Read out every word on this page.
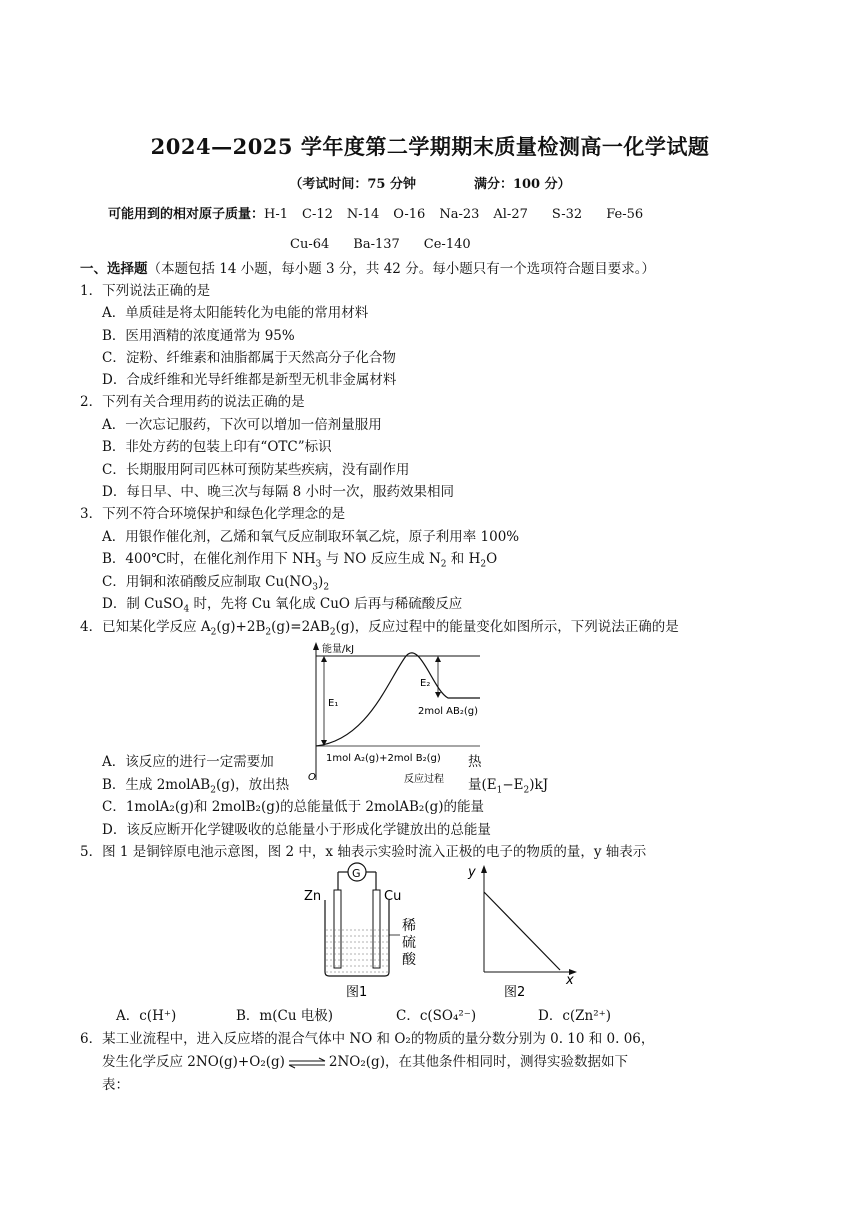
2024—2025 学年度第二学期期末质量检测高一化学试题
（考试时间：75 分钟	满分：100 分）
可能用到的相对原子质量：H-1 C-12 N-14 O-16 Na-23 Al-27 S-32 Fe-56
Cu-64 Ba-137 Ce-140
一、选择题（本题包括 14 小题，每小题 3 分，共 42 分。每小题只有一个选项符合题目要求。）
1．下列说法正确的是
A．单质硅是将太阳能转化为电能的常用材料
B．医用酒精的浓度通常为 95%
C．淀粉、纤维素和油脂都属于天然高分子化合物
D．合成纤维和光导纤维都是新型无机非金属材料
2．下列有关合理用药的说法正确的是
A．一次忘记服药，下次可以增加一倍剂量服用
B．非处方药的包装上印有“OTC”标识
C．长期服用阿司匹林可预防某些疾病，没有副作用
D．每日早、中、晚三次与每隔 8 小时一次，服药效果相同
3．下列不符合环境保护和绿色化学理念的是
A．用银作催化剂，乙烯和氧气反应制取环氧乙烷，原子利用率 100%
B．400℃时，在催化剂作用下 $NH_3$ 与 NO 反应生成 $N_2$ 和 $H_2O$
C．用铜和浓硝酸反应制取 $Cu(NO_3)_2$
D．制 CuSO$_4$ 时，先将 Cu 氧化成 CuO 后再与稀硫酸反应
4．已知某化学反应 $A_2(g)+2B_2(g)=2AB_2(g)$，反应过程中的能量变化如图所示，下列说法正确的是
能量/kJ
E₁
E₂
2mol AB₂(g)
1mol A₂(g)+2mol B₂(g)
O	反应过程
A．该反应的进行一定需要加	热
B．生成 2molAB$_2$(g)，放出热	量$(E_1-E_2)kJ$
C．1molA₂(g)和 2molB₂(g)的总能量低于 2molAB₂(g)的能量
D．该反应断开化学键吸收的总能量小于形成化学键放出的总能量
5．图 1 是铜锌原电池示意图，图 2 中，x 轴表示实验时流入正极的电子的物质的量，y 轴表示
G
Zn	Cu
稀
硫
酸
图1
y
x
图2
A．c(H⁺)	B．m(Cu 电极)	C．c(SO₄²⁻)	D．c(Zn²⁺)
6．某工业流程中，进入反应塔的混合气体中 NO 和 O₂的物质的量分数分别为 0. 10 和 0. 06，
发生化学反应 2NO(g)+O₂(g) ⇌ 2NO₂(g)，在其他条件相同时，测得实验数据如下
表：
